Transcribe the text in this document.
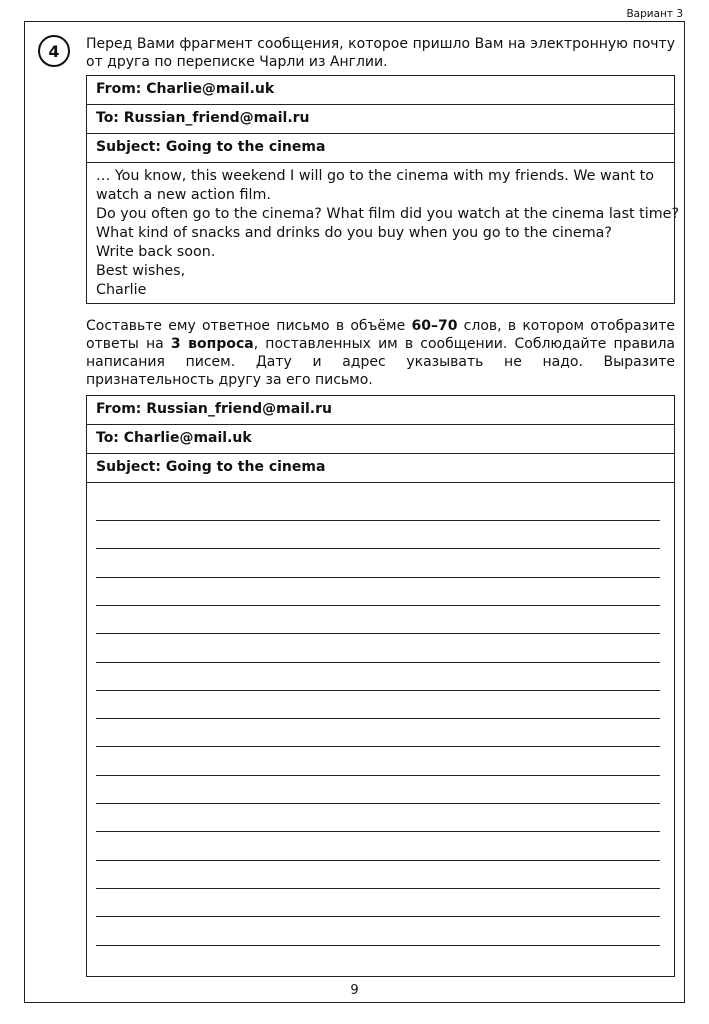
Вариант 3
4	Перед Вами фрагмент сообщения, которое пришло Вам на электронную почту от друга по переписке Чарли из Англии.
From: Charlie@mail.uk
To: Russian_friend@mail.ru
Subject: Going to the cinema
… You know, this weekend I will go to the cinema with my friends. We want to
watch a new action film.
Do you often go to the cinema? What film did you watch at the cinema last time?
What kind of snacks and drinks do you buy when you go to the cinema?
Write back soon.
Best wishes,
Charlie
Составьте ему ответное письмо в объёме 60–70 слов, в котором отобразите ответы на 3 вопроса, поставленных им в сообщении. Соблюдайте правила написания писем. Дату и адрес указывать не надо. Выразите признательность другу за его письмо.
From: Russian_friend@mail.ru
To: Charlie@mail.uk
Subject: Going to the cinema
9
